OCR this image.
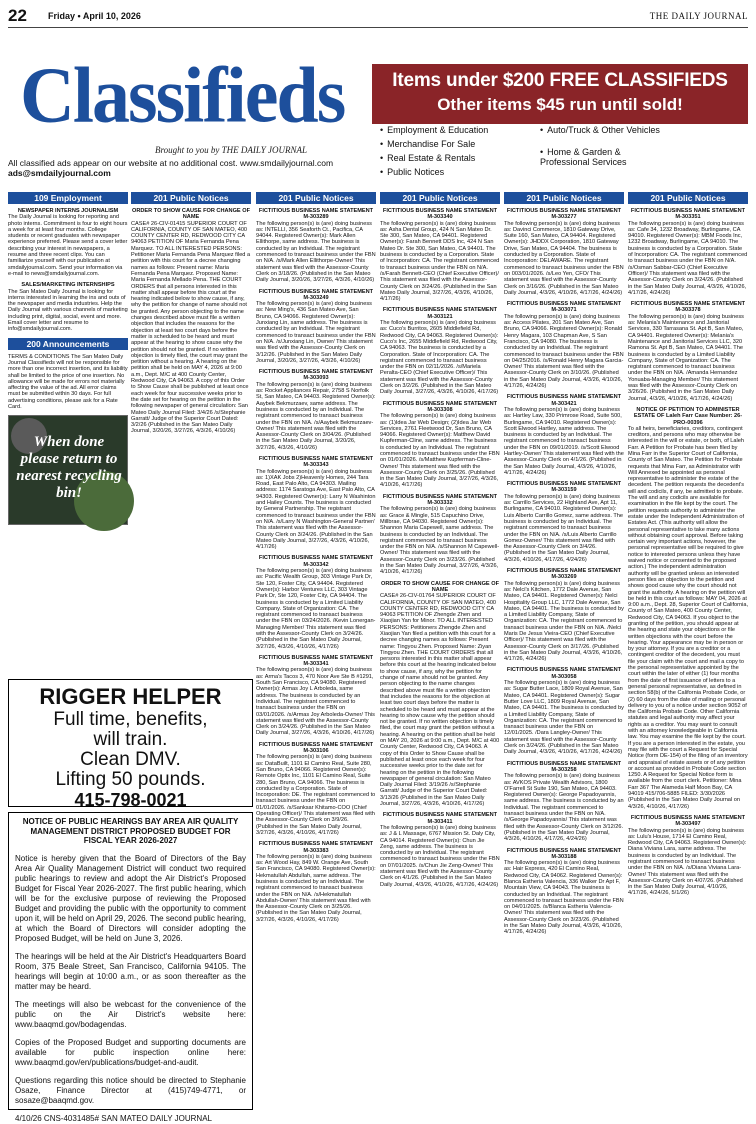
22 Friday • April 10, 2026	THE DAILY JOURNAL
Classifieds
Brought to you by THE DAILY JOURNAL
Items under $200 FREE CLASSIFIEDS
Other items $45 run until sold!
• Employment & Education
• Merchandise For Sale
• Real Estate & Rentals
• Public Notices
• Auto/Truck & Other Vehicles
• Home & Garden & Professional Services
All classified ads appear on our website at no additional cost. www.smdailyjournal.com
ads@smdailyjournal.com
109 Employment
NEWSPAPER INTERNS JOURNALISM

The Daily Journal is looking for reporting and photo interns. Commitment is four to eight hours a week for at least four months. College students or recent graduates with newspaper experience preferred. Please send a cover letter describing your interest in newspapers, a resume and three recent clips. You can familiarize yourself with our publication at smdailyjournal.com. Send your information via e-mail to news@smdailyjournal.com.

SALES/MARKETING INTERNSHIPS

The San Mateo Daily Journal is looking for interns interested in learning the ins and outs of the newspaper and media industries. Help the Daily Journal with various channels of marketing including print, digital, social, event and more. Email cover letter and resume to info@smdailyjournal.com.

200 Announcements

TERMS & CONDITIONS The San Mateo Daily Journal Classifieds will not be responsible for more than one incorrect insertion, and its liability shall be limited to the price of one insertion. No allowance will be made for errors not materially affecting the value of the ad. All error claims must be submitted within 30 days. For full advertising conditions, please ask for a Rate Card.

When done please return to nearest recycling bin!
201 Public Notices
ORDER TO SHOW CAUSE FOR CHANGE OF NAME

CASE# 26-CIV-01415 SUPERIOR COURT OF CALIFORNIA, COUNTY OF SAN MATEO, 400 COUNTY CENTER RD, REDWOOD CITY CA 94063 PETITION OF Maria Fernanda Pena Marquez. TO ALL INTERESTED PERSONS: Petitioner Maria Fernanda Pena Marquez filed a petition with this court for a decree changing names as follows: Present name: Maria Fernanda Pena Marquez. Proposed Name: Maria Fernanda Mellado Pena. THE COURT ORDERS that all persons interested in this matter shall appear before this court at the hearing indicated below to show cause, if any, why the petition for change of name should not be granted. Any person objecting to the name changes described above must file a written objection that includes the reasons for the objection at least two court days before the matter is scheduled to be heard and must appear at the hearing to show cause why the petition should not be granted. If no written objection is timely filed, the court may grant the petition without a hearing. A hearing on the petition shall be held on MAY 4, 2026 at 9:00 a.m., Dept. M/C at 400 County Center, Redwood City, CA 94063. A copy of this Order to Show Cause shall be published at least once each week for four successive weeks prior to the date set for hearing on the petition in the following newspaper of general circulation: San Mateo Daily Journal Filed: 3/4/26 /s/Stephanie Garratt/ Judge of the Superior Court Dated: 3/2/26 (Published in the San Mateo Daily Journal, 3/20/26, 3/27/26, 4/3/26, 4/10/26)

RIGGER HELPER
Full time, benefits,
will train.
Clean DMV.
Lifting 50 pounds.
415-798-0021
NOTICE OF PUBLIC HEARINGS BAY AREA AIR QUALITY MANAGEMENT DISTRICT PROPOSED BUDGET FOR FISCAL YEAR 2026-2027

Notice is hereby given that the Board of Directors of the Bay Area Air Quality Management District will conduct two required public hearings to review and adopt the Air District's Proposed Budget for Fiscal Year 2026-2027. The first public hearing, which will be for the exclusive purpose of reviewing the Proposed Budget and providing the public with the opportunity to comment upon it, will be held on April 29, 2026. The second public hearing, at which the Board of Directors will consider adopting the Proposed Budget, will be held on June 3, 2026.

The hearings will be held at the Air District's Headquarters Board Room, 375 Beale Street, San Francisco, California 94105. The hearings will begin at 10:00 a.m., or as soon thereafter as the matter may be heard.

The meetings will also be webcast for the convenience of the public on the Air District's website here: www.baaqmd.gov/bodagendas.

Copies of the Proposed Budget and supporting documents are available for public inspection online here: www.baaqmd.gov/en/publications/budget-and-audit.

Questions regarding this notice should be directed to Stephanie Osaze, Finance Director at (415)749-4771, or sosaze@baaqmd.gov.

4/10/26 CNS-4031485# SAN MATEO DAILY JOURNAL

201 Public Notices
FICTITIOUS BUSINESS NAME STATEMENT M-303289

The following person(s) is (are) doing business as: INTELLI, 356 Seaforth Ct., Pacifica, CA 94044. Registered Owner(s): Mark Allen Ellithorpe, same address. The business is conducted by an Individual. The registrant commenced to transact business under the FBN on N/A. /s/Mark Allen Ellithorpe-Owner/ This statement was filed with the Assessor-County Clerk on 3/18/26. (Published in the San Mateo Daily Journal, 3/20/26, 3/27/26, 4/3/26, 4/10/26)

FICTITIOUS BUSINESS NAME STATEMENT M-303249

The following person(s) is (are) doing business as: New Ming's, 436 San Mateo Ave, San Bruno, CA 94066. Registered Owner(s): Junxiang Lin, same address. The business is conducted by an Individual. The registrant commenced to transact business under the FBN on N/A. /s/Junxiang Lin, Owner/ This statement was filed with the Assessor-County Clerk on 3/12/26. (Published in the San Mateo Daily Journal, 3/20/26, 3/27/26, 4/3/26, 4/10/26)

FICTITIOUS BUSINESS NAME STATEMENT M-303093

The following person(s) is (are) doing business as: Rocket Appliances Repair, 2758 S Norfolk St, San Mateo, CA 94403. Registered Owner(s): Aaybek Bekmurzaev, same address. The business is conducted by an Individual. The registrant commenced to transact business under the FBN on N/A. /s/Aaybek Bekmurzaev-Owner/ This statement was filed with the Assessor-County Clerk on 3/04/26. (Published in the San Mateo Daily Journal, 3/20/26, 3/27/26, 4/3/26, 4/10/26)

FICTITIOUS BUSINESS NAME STATEMENT M-303343

The following person(s) is (are) doing business as: 1)XAK Jobs 2)Heavenly Homes, 244 Tara Road, East Palo Alto, CA 94303. Mailing address: 1174 Saratoga Ave, East Palo Alto, CA 94303. Registered Owner(s): Larry N Washinton and Hailey Counts. The business is conducted by General Partnership. The registrant commenced to transact business under the FBN on N/A. /s/Larry N Washington-General Partner/ This statement was filed with the Assessor-County Clerk on 3/24/26. (Published in the San Mateo Daily Journal, 3/27/26, 4/3/26, 4/10/26, 4/17/26)

FICTITIOUS BUSINESS NAME STATEMENT M-303342

The following person(s) is (are) doing business as: Pacific Wealth Group, 303 Vintage Park Dr, Ste 120, Foster City, CA 94404. Registered Owner(s): Harbor Ventures LLC, 303 Vintage Park Dr, Ste 120, Foster City, CA 94404. The business is conducted by a Limited Liability Company. State of Organization: CA. The registrant commenced to transact business under the FBN on 03/24/2026. /Kevin Lonergan-Managing Member/ This statement was filed with the Assessor-County Clerk on 3/24/26. (Published in the San Mateo Daily Journal, 3/27/26, 4/3/26, 4/10/26, 4/17/26)

FICTITIOUS BUSINESS NAME STATEMENT M-303341

The following person(s) is (are) doing business as: Arma's Tacos 3, 470 Noor Ave Ste B #1291, South San Francisco, CA 94080. Registered Owner(s): Armas Joy L Arboleda, same address. The business is conducted by an Individual. The registrant commenced to transact business under the FBN on 03/01/2026. /s/Armas Joy Arboleda-Owner/ This statement was filed with the Assessor-County Clerk on 3/24/26. (Published in the San Mateo Daily Journal, 3/27/26, 4/3/26, 4/10/26, 4/17/26)

FICTITIOUS BUSINESS NAME STATEMENT M-303106

The following person(s) is (are) doing business as: DataBuilt, 1101 El Camino Real, Suite 280, San Bruno, CA 94066. Registered Owner(s): Remote Optix Inc, 1101 El Camino Real, Suite 280, San Bruno, CA 94066. The business is conducted by a Corporation. State of Incorporation: DE. The registrant commenced to transact business under the FBN on 01/01/2026. /s/Sanksar Khitamo-COO (Chief Operating Officer)/ This statement was filed with the Assessor-County Clerk on 3/9/26. (Published in the San Mateo Daily Journal, 3/27/26, 4/3/26, 4/10/26, 4/17/26)

FICTITIOUS BUSINESS NAME STATEMENT M-303383

The following person(s) is (are) doing business as: Art Wood Hay, 849 W. Orange Ave, South San Francisco, CA 94080. Registered Owner(s): Hekmatullah Abdullah, same address. The business is conducted by an Individual. The registrant commenced to transact business under the FBN on N/A. /s/Hekmatullah Abdullah-Owner/ This statement was filed with the Assessor-County Clerk on 3/25/26. (Published in the San Mateo Daily Journal, 3/27/26, 4/3/26, 4/10/26, 4/17/26)

201 Public Notices
FICTITIOUS BUSINESS NAME STATEMENT M-303340

The following person(s) is (are) doing business as: Asha Dental Group, 424 N San Mateo Dr. Ste 300, San Mateo, CA 94401. Registered Owner(s): Farah Bennett DDS Inc, 424 N San Mateo Dr. Ste 300, San Mateo, CA 94401. The business is conducted by a Corporation. State of Incorporation: CA. The registrant commenced to transact business under the FBN on N/A. /s/Farah Bennett-CEO (Chief Executive Officer)/ This statement was filed with the Assessor-County Clerk on 3/24/26. (Published in the San Mateo Daily Journal, 3/27/26, 4/3/26, 4/10/26, 4/17/26)

FICTITIOUS BUSINESS NAME STATEMENT M-303121

The following person(s) is (are) doing business as: Cuco's Burritos, 2605 Middlefield Rd, Redwood City, CA 94063. Registered Owner(s): Cuco's Inc, 2655 Middlefield Rd, Redwood City, CA 94063. The business is conducted by a Corporation. State of Incorporation: CA. The registrant commenced to transact business under the FBN on 02/11/2026. /s/Mariela Peralta-CEO (Chief Executive Officer)/ This statement was filed with the Assessor-County Clerk on 3/2/26. (Published in the San Mateo Daily Journal, 3/27/26, 4/3/26, 4/10/26, 4/17/26)

FICTITIOUS BUSINESS NAME STATEMENT M-303308

The following person(s) is (are) doing business as: (1)Idea Jar Web Design; (2)Idea Jar Web Services, 2761 Fleetwood Dr, San Bruno, CA 94066. Registered Owner(s): Matthew David Kupferman-Cline, same address. The business is conducted by an Individual. The registrant commenced to transact business under the FBN on 01/01/2026. /s/Matthew Kupferman-Cline-Owner/ This statement was filed with the Assessor-County Clerk on 3/25/26. (Published in the San Mateo Daily Journal, 3/27/26, 4/3/26, 4/10/26, 4/17/26)

FICTITIOUS BUSINESS NAME STATEMENT M-303332

The following person(s) is (are) doing business as: Grace & Mingle, 515 Capuchino Drive, Millbrae, CA 94030. Registered Owner(s): Shannon Maria Capewell, same address. The business is conducted by an Individual. The registrant commenced to transact business under the FBN on N/A. /s/Shannon M Capewell-Owner/ This statement was filed with the Assessor-County Clerk on 3/23/26. (Published in the San Mateo Daily Journal, 3/27/26, 4/3/26, 4/10/26, 4/17/26)

ORDER TO SHOW CAUSE FOR CHANGE OF NAME

CASE# 26-CIV-01764 SUPERIOR COURT OF CALIFORNIA, COUNTY OF SAN MATEO, 400 COUNTY CENTER RD, REDWOOD CITY CA 94063 PETITION OF Zhengde Zhen and Xiaojian Yan for Minor. TO ALL INTERESTED PERSONS: Petitioners Zhengde Zhen and Xiaojian Yan filed a petition with this court for a decree changing names as follows: Present name: Tingyou Zhen. Proposed Name: Ziyan Tingyou Zhen. THE COURT ORDERS that all persons interested in this matter shall appear before this court at the hearing indicated below to show cause, if any, why the petition for change of name should not be granted. Any person objecting to the name changes described above must file a written objection that includes the reasons for the objection at least two court days before the matter is scheduled to be heard and must appear at the hearing to show cause why the petition should not be granted. If no written objection is timely filed, the court may grant the petition without a hearing. A hearing on the petition shall be held on MAY 20, 2026 at 9:00 a.m., Dept. M/C at 400 County Center, Redwood City, CA 94063. A copy of this Order to Show Cause shall be published at least once each week for four successive weeks prior to the date set for hearing on the petition in the following newspaper of general circulation: San Mateo Daily Journal Filed: 3/19/26 /s/Stephanie Garratt/ Judge of the Superior Court Dated: 3/13/26 (Published in the San Mateo Daily Journal, 3/27/26, 4/3/26, 4/10/26, 4/17/26)

FICTITIOUS BUSINESS NAME STATEMENT M-303411

The following person(s) is (are) doing business as: J & L Massage, 6767 Mission St. Daly City, CA 94014. Registered Owner(s): Chun Jie Zeng, same address. The business is conducted by an Individual. The registrant commenced to transact business under the FBN on 07/01/2025. /s/Chun Jie Zeng-Owner/ This statement was filed with the Assessor-County Clerk on 4/1/26. (Published in the San Mateo Daily Journal, 4/3/26, 4/10/26, 4/17/26, 4/24/26)

201 Public Notices
FICTITIOUS BUSINESS NAME STATEMENT M-303277

The following person(s) is (are) doing business as: Davinci Commerce, 1810 Gateway Drive, Suite 160, San Mateo, CA 94404. Registered Owner(s): JHDDX Corporation, 1810 Gateway Drive, San Mateo, CA 94404. The business is conducted by a Corporation. State of Incorporation: DELAWARE. The registrant commenced to transact business under the FBN on 003/01/2026. /s/Leo Yen, CFO/ This statement was filed with the Assessor-County Clerk on 3/16/26. (Published in the San Mateo Daily Journal, 4/3/26, 4/10/26, 4/17/26, 4/24/26)

FICTITIOUS BUSINESS NAME STATEMENT M-303071

The following person(s) is (are) doing business as: Access Pilates, 201 San Mateo Ave, San Bruno, CA 94066. Registered Owner(s): Ronald Henry Magara, 103 Chapman Ave, S San Francisco, CA 94080. The business is conducted by an Individual. The registrant commenced to transact business under the FBN on 04/25/2016. /s/Ronald Henry Magara Garcia-Owner/ This statement was filed with the Assessor-County Clerk on 3/10/26. (Published in the San Mateo Daily Journal, 4/3/26, 4/10/26, 4/17/26, 4/24/26)

FICTITIOUS BUSINESS NAME STATEMENT M-303421

The following person(s) is (are) doing business as: Hartley Law, 330 Primrose Road, Suite 500, Burlingame, CA 94010. Registered Owner(s): Scott Elwood Hartley, same address. The business is conducted by an Individual. The registrant commenced to transact business under the FBN on 09/01/2019. /s/Scott Elwood Hartley-Owner/ This statement was filed with the Assessor-County Clerk on 4/1/26. (Published in the San Mateo Daily Journal, 4/3/26, 4/10/26, 4/17/26, 4/24/26)

FICTITIOUS BUSINESS NAME STATEMENT M-303159

The following person(s) is (are) doing business as: Carrillo Services, 22 Highland Ave, Apt 11, Burlingame, CA 94010. Registered Owner(s): Luis Alberto Carrillo Gomez, same address. The business is conducted by an Individual. The registrant commenced to transact business under the FBN on N/A. /s/Luis Alberto Carrillo Gomez-Owner/ This statement was filed with the Assessor-County Clerk on 3/4/26. (Published in the San Mateo Daily Journal, 4/3/26, 4/10/26, 4/17/26, 4/24/26)

FICTITIOUS BUSINESS NAME STATEMENT M-303269

The following person(s) is (are) doing business as: Nelci's Kitchen, 1772 Dale Avenue, San Mateo, CA 94401. Registered Owner(s): Nelci Hospitality Group LLC, 1772 Dale Avenue, San Mateo, CA 94401. The business is conducted by a Limited Liability Company, State of Organization: CA. The registrant commenced to transact business under the FBN on N/A. /Nelci Maris De Jesus Vieira-CEO (Chief Executive Officer)/ This statement was filed with the Assessor-County Clerk on 3/17/26. (Published in the San Mateo Daily Journal, 4/3/26, 4/10/26, 4/17/26, 4/24/26)

FICTITIOUS BUSINESS NAME STATEMENT M-303058

The following person(s) is (are) doing business as: Sugar Butter Lace, 1809 Royal Avenue, San Mateo, CA 94401. Registered Owner(s): Sugar Butter Love LLC, 1809 Royal Avenue, San Mateo, CA 94401. The business is conducted by a Limited Liability Company, State of Organization: CA. The registrant commenced to transact business under the FBN on 12/01/2025. /Dara Langley-Owner/ This statement was filed with the Assessor-County Clerk on 3/24/26. (Published in the San Mateo Daily Journal, 4/3/26, 4/10/26, 4/17/26, 4/24/26)

FICTITIOUS BUSINESS NAME STATEMENT M-303258

The following person(s) is (are) doing business as: AVKOS Private Wealth Advisors, 1800 O'Farrell St Suite 190, San Mateo, CA 94403. Registered Owner(s): George Papadoyannis, same address. The business is conducted by an Individual. The registrant commenced to transact business under the FBN on N/A. /s/George Papadoyannis/ This statement was filed with the Assessor-County Clerk on 3/12/26. (Published in the San Mateo Daily Journal, 4/3/26, 4/10/26, 4/17/26, 4/24/26)

FICTITIOUS BUSINESS NAME STATEMENT M-303188

The following person(s) is (are) doing business as: Hair Express, 420 El Camino Real, Redwood City, CA 94062. Registered Owner(s): Blanca Estheria Valencia, 336 Walker Dr Apt F, Mountain View, CA 94043. The business is conducted by an Individual. The registrant commenced to transact business under the FBN on 04/01/2025. /s/Blanca Estheria Valencia-Owner/ This statement was filed with the Assessor-County Clerk on 3/23/26. (Published in the San Mateo Daily Journal, 4/3/26, 4/10/26, 4/17/26, 4/24/26)

201 Public Notices
FICTITIOUS BUSINESS NAME STATEMENT M-303351

The following person(s) is (are) doing business as: Cafe 34, 1232 Broadway, Burlingame, CA 94010. Registered Owner(s): MBM Foods Inc, 1232 Broadway, Burlingame, CA 94010. The business is conducted by a Corporation. State of Incorporation: CA. The registrant commenced to transact business under the FBN on N/A. /s/Osman Sabbar-CEO (Chief Executive Officer)/ This statement was filed with the Assessor-County Clerk on 3/24/26. (Published in the San Mateo Daily Journal, 4/3/26, 4/10/26, 4/17/26, 4/24/26)

FICTITIOUS BUSINESS NAME STATEMENT M-303378

The following person(s) is (are) doing business as: Melania's Maintenance and Janitorial Services, 330 Tarrasana St. Apt B, San Mateo, CA 94401. Registered Owner(s): Melania's Maintenance and Janitorial Services LLC, 320 Ramona St. Apt B, San Mateo, CA 94401. The business is conducted by a Limited Liability Company, State of Organization: CA. The registrant commenced to transact business under the FBN on N/A. /Amanda Hernandez Yonuaba-Managing Member/ This statement was filed with the Assessor-County Clerk on 3/26/26. (Published in the San Mateo Daily Journal, 4/3/26, 4/10/26, 4/17/26, 4/24/26)

NOTICE OF PETITION TO ADMINISTER ESTATE OF Laleh Farr Case Number: 26-PRO-00396

To all heirs, beneficiaries, creditors, contingent creditors, and persons who may otherwise be interested in the will or estate, or both, of Laleh Farr. A Petition for Probate has been filed by Mina Farr in the Superior Court of California, County of San Mateo. The Petition for Probate requests that Mina Farr, as Administrator with Will Annexed be appointed as personal representative to administer the estate of the decedent. The petition requests the decedent's will and codicils, if any, be admitted to probate. The will and any codicils are available for examination in the file kept by the court. The petition requests authority to administer the estate under the Independent Administration of Estates Act. (This authority will allow the personal representative to take many actions without obtaining court approval. Before taking certain very important actions, however, the personal representative will be required to give notice to interested persons unless they have waived notice or consented to the proposed action.) The independent administration authority will be granted unless an interested person files an objection to the petition and shows good cause why the court should not grant the authority. A hearing on the petition will be held in this court as follows: MAY 04, 2026 at 9:00 a.m., Dept. 28, Superior Court of California, County of San Mateo, 400 County Center, Redwood City, CA 94063. If you object to the granting of the petition, you should appear at the hearing and state your objections or file written objections with the court before the hearing. Your appearance may be in person or by your attorney. If you are a creditor or a contingent creditor of the decedent, you must file your claim with the court and mail a copy to the personal representative appointed by the court within the later of either (1) four months from the date of first issuance of letters to a general personal representative, as defined in section 58(b) of the California Probate Code, or (2) 60 days from the date of mailing or personal delivery to you of a notice under section 9052 of the California Probate Code. Other California statutes and legal authority may affect your rights as a creditor. You may want to consult with an attorney knowledgeable in California law. You may examine the file kept by the court. If you are a person interested in the estate, you may file with the court a Request for Special Notice (form DE-154) of the filing of an inventory and appraisal of estate assets or of any petition or account as provided in Probate Code section 1250. A Request for Special Notice form is available from the court clerk. Petitioner: Mina Farr 367 The Alameda Half Moon Bay, CA 94019 415/706-5885 FILED: 3/30/2026 (Published in the San Mateo Daily Journal on 4/3/26, 4/10/26, 4/17/26)

FICTITIOUS BUSINESS NAME STATEMENT M-303497

The following person(s) is (are) doing business as: Lulu's House, 1714 El Camino Real, Redwood City, CA 94063. Registered Owner(s): Diana Viviana Lara, same address. The business is conducted by an Individual. The registrant commenced to transact business under the FBN on N/A. /s/Diana Viviana Lara-Owner/ This statement was filed with the Assessor-County Clerk on 4/07/26. (Published in the San Mateo Daily Journal, 4/10/26, 4/17/26, 4/24/26, 5/1/26)
